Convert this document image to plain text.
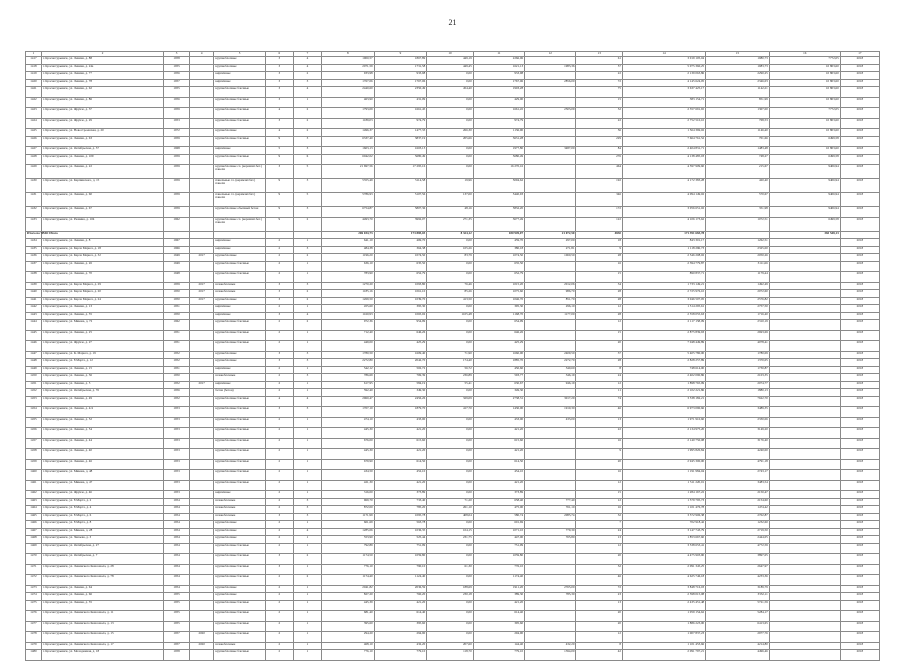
21
1	2	3	4	5	6	7	8	9	10	11	12	13	14	15	16	17
1417	г. Краснотурьинск, ул. Ленина, д. 88	1958		крупноблочные	3	4	1900,57	1867,89	449,19	2266,06		61	3 019 105,04	1980,73	7772,05	2018
1418	г. Краснотурьинск, ул. Ленина, д. 24а	1955		крупноблочные	3	4	2071,59	1731,58	449,45	1621,13	1983,36	57	5 075 360,25	1983,73	10 803,60	2018
1419	г. Краснотурьинск, ул. Ленина, д. 77	1956		кирпичные	3	2	933,98	933,98	0,00	933,98		22	2 139 063,86	2290,25	10 803,60	2018
1420	г. Краснотурьинск, ул. Ленина, д. 78	1957		кирпичные	3	3	1767,06	1767,06	0,00	1767,06	2856,00	72	4 145 624,05	2346,03	10 803,60	2018
1421	г. Краснотурьинск, ул. Ленина, д. 62	1955		крупноблочные блочные	3	4	2440,60	2350,49	454,40	1903,28		75	3 637 425,17	1142,21	10 803,60	2018
1422	г. Краснотурьинск, ул. Ленина, д. 86	1956		крупноблочные блочные	3	1	463,90	431,09	0,00	429,00		15	383 154,71	851,99	10 803,60	2018
1423	г. Краснотурьинск, ул. Фрунзе, д. 37	1959		крупноблочные блочные	4	2	1793,09	1661,45	0,00	1661,45	2503,09	52	2 357 691,65	1307,00	7772,05	2018
1424	г. Краснотурьинск, ул. Фрунзе, д. 29	1953		крупноблочные блочные	3	2	1189,03	974,79	0,00	974,79		22	2 752 510,10	768,53	10 803,60	2018
1425	г. Краснотурьинск, ул. Новостроевская, д. 20	1972		крупноблочные	4	2	1496,37	1477,33	266,30	1136,90		56	1 564 369,02	1146,40	10 803,60	2018
1426	г. Краснотурьинск, ул. Ленина, д. 63	1959		крупноблочные блочные	9	3	6337,40	3837,19	205,66	3631,28		229	7 664 761,52	701,66	6499,58	2018
1427	г. Краснотурьинск, ул. Октябрьская, д. 37	1968		кирпичные	5	3	1603,13	1603,13	0,00	1977,80	3487,00	84	2 404 831,71	1483,48	10 803,60	2018
1428	г. Краснотурьинск, ул. Ленина, д. 109	1959		крупноблочные блочные	9	6	6042,02	5680,49	0,00	5680,49		276	4 138 485,03	748,27	6499,58	2018
1429	г. Краснотурьинск, ул. Ленина, д. 22	1959		крупноблочные сл. (керамзит.бет.) панели	3	5	21 697,56	17 295,16	0,00	16 270,16		464	4 597 909,60	215,67	9406,94	2018
1430	г. Краснотурьинск, ул. Карпинского, д. 15	1959		панельные сл. (керамзит.бет.) панели	9	3	5355,49	5114,58	19,96	5094,62		192	4 172 383,28	420,40	9406,94	2018
1431	г. Краснотурьинск, ул. Ленина, д. 60	1959		панельные сл. (керамзит.бет.) панели	9	5	5786,93	5107,56	137,00	5440,93		346	4 094 149,02	570,67	9406,94	2018
1432	г. Краснотурьинск, ул. Ленина, д. 67	1959		крупноблочные обычный бетон	9	3	6754,87	5807,36	48,16	5832,20		172	3 056 651,02	351,98	9406,94	2018
1433	г. Краснотурьинск, ул. Рюмина, д. 104	1962		крупноблочные сл. (керамзит.бет.) панели	9	2	4493,70	3992,07	271,35	3677,49		122	4 106 173,62	1072,51	6499,58	2018
Итого по ЧМО Итого							206 034,73	173 885,03	8 324,12	180 949,07	21 072,50	4830	171 391 683,78		365 548,13	
1434	г. Краснотурьинск, ул. Ленина, д. 8	1967		кирпичные	2	1	641,10	469,70	0,00	459,70	297,00	18	843 301,17	1262,51		2018
1435	г. Краснотурьинск, ул. Карла Маркса, д. 18	1966		кирпичные	2	3	484,38	364,38	105,26	380,18	271,81	9	1 118 296,73	2325,00		2018
1436	г. Краснотурьинск, ул. Карла Маркса, д. 32	1949	2017	крупноблочные	2	2	1196,20	1074,50	83,79	1074,50	1060,50	28	2 546 208,02	2050,26		2018
1437	г. Краснотурьинск, ул. Ленина, д. 26	1949		крупноблочные блочные	2	1	636,10	635,50	0,00	635,50		16	2 394 779,87	3111,66		2018
1438	г. Краснотурьинск, ул. Ленина, д. 70	1948		крупноблочные блочные	2	1	783,90	652,79	0,00	652,79		15	890 837,71	1179,44		2018
1439	г. Краснотурьинск, ул. Карла Маркса, д. 29	1959	2017	шлакоблочные	3	3	1270,20	1093,80	76,46	1015,20	2012,06	34	1 733 149,21	1492,49		2018
1440	г. Краснотурьинск, ул. Карла Маркса, д. 20	1950	2017	шлакоблочные	3	2	1185,16	1061,10	85,26	1075,60	986,70	28	2 725 976,10	2072,60		2018
1441	г. Краснотурьинск, ул. Карла Маркса, д. 24	1950	2017	крупноблочные	3	2	1269,50	1039,70	413,50	1046,70	851,70	28	3 046 507,05	2576,82		2018
1442	г. Краснотурьинск, ул. Ленина, д. 13	1951		кирпичные	2	1	455,60	395,30	0,00	395,30	296,10	12	1 514 295,61	2757,50		2018
1443	г. Краснотурьинск, ул. Ленина, д. 35	1950		кирпичные	3	4	1160,93	1065,02	1105,48	1168,70	1177,00	28	2 558 055,63	1716,40		2018
1444	г. Краснотурьинск, ул. Микова, д. 72	1962		крупноблочные блочные	2	2	972,36	954,99	0,00	654,99		12	2 117 158,09	2310,19		2018
1445	г. Краснотурьинск, ул. Ленина, д. 25	1951		крупноблочные блочные	2	1	712,40	646,26	0,00	646,26		15	2 875 839,93	2693,69		2018
1446	г. Краснотурьинск, ул. Фрунзе, д. 27	1951		крупноблочные блочные	2	1	449,00	425,29	0,00	425,29		20	7 048 449,89	4078,41		2018
1447	г. Краснотурьинск, ул. К. Маркса, д. 19	1952		крупноблочные	3	3	1780,50	1609,40	71,90	1660,00	2409,50	37	5 405 780,00	1780,09		2018
1448	г. Краснотурьинск, ул. 8 Марта, д. 12	1952		крупноблочные	3	3	2272,80	2042,70	174,40	1885,70	2272,70	28	2 828 257,89	1370,05		2018
1449	г. Краснотурьинск, ул. Ленина, д. 15	1951		кирпичные	2	1	542,12	502,72	56,72	450,60	340,60	8	748 614,00	1730,87		2018
1450	г. Краснотурьинск, ул. Ленина, д. 36	1950		шлакоблочные	2	3	786,69	769,39	236,89	593,77	346,19	24	2 402 090,86	2103,35		2018
1451	г. Краснотурьинск, ул. Ленина, д. 5	1952	2017	кирпичные	2	1	617,95	584,19	55,41	630,67	946,19	12	1 898 765,99	2074,77		2018
1452	г. Краснотурьинск, ул. Октябрьская, д. 76	1956		бетон (бетон)	2	1	592,40	349,30	0,00	349,30		11	2 102 221,86	1880,13		2018
1453	г. Краснотурьинск, ул. Ленина, д. 49	1952		крупноблочные блочные	4	4	2960,47	2456,26	329,09	2738,31	3017,29	74	3 538 182,21	7622,70		2018
1454	г. Краснотурьинск, ул. Ленина, д. 4/4	1953		крупноблочные блочные	3	3	1707,10	1879,70	417,70	1430,00	1910,30	46	6 973 090,66	3489,35		2018
1455	г. Краснотурьинск, ул. Ленина, д. 52	1953		крупноблочные блочные	2	1	474,10	433,00	0,00	433,00	433,00	13	1 971 910,60	2330,06		2018
1456	г. Краснотурьинск, ул. Ленина, д. 54	1953		крупноблочные блочные	2	1	445,30	421,20	0,00	421,20		22	2 134 975,20	3149,20		2018
1457	г. Краснотурьинск, ул. Ленина, д. 44	1953		крупноблочные блочные	2	1	676,00	615,60	0,00	615,60		16	2 140 750,08	3176,40		2018
1458	г. Краснотурьинск, ул. Ленина, д. 40	1953		крупноблочные блочные	2	1	445,30	421,20	0,00	421,20		9	1 995 820,84	4240,00		2018
1459	г. Краснотурьинск, ул. Ленина, д. 46	1953		крупноблочные блочные	2	1	679,90	614,50	0,00	614,50		20	2 945 300,00	4791,18		2018
1460	г. Краснотурьинск, ул. Микова, д. 48	1953		крупноблочные блочные	2	1	434,50	452,10	0,00	454,10		16	1 191 984,04	2743,17		2018
1461	г. Краснотурьинск, ул. Микова, д. 47	1953		крупноблочные блочные	2	1	421,30	421,20	0,00	421,20		12	1 511 220,01	3483,54		2018
1462	г. Краснотурьинск, ул. Фрунзе, д. 46	1953		кирпичные	2	1	316,00	373,89	0,00	373,89		15	1 284 167,22	2150,47		2018
1463	г. Краснотурьинск, ул. 8 Марта, д. 2	1954		шлакоблочные	2	3	969,70	733,40	71,20	658,40	777,40	12	1 579 795,73	2154,60		2018
1464	г. Краснотурьинск, ул. 8 Марта, д. 4	1954		шлакоблочные	2	3	872,00	785,20	261,10	475,00	761,10	16	1 101 476,78	1474,42		2018
1465	г. Краснотурьинск, ул. 8 Марта, д. 6	1954		шлакоблочные	3	3	1171,99	1095,78	408,04	580,74	2085,74	32	3 572 906,38	2702,87		2018
1466	г. Краснотурьинск, ул. 8 Марта, д. 8	1954		крупноблочные	2	1	601,69	563,78	0,00	601,69		7	702 918,42	1232,60		2018
1467	г. Краснотурьинск, ул. Микова, д. 28	1954		крупноблочные	2	4	1285,06	1036,35	104,15	1071,10	779,30	24	3 147 743,79	2719,50		2018
1468	г. Краснотурьинск, ул. Чапаева, д. 3	1954		крупноблочные	2	1	553,90	525,44	231,75	447,00	765,80	13	1 853 667,60	2444,05		2018
1469	г. Краснотурьинск, ул. Октябрьская, д. 27	1954		крупноблочные блочные	2	1	792,89	751,99	0,00	751,99		12	3 538 653,41	4772,59		2018
1470	г. Краснотурьинск, ул. Октябрьская, д. 7	1954		крупноблочные блочные	3	2	1174,50	1059,80	0,00	1059,80		20	4 475 903,90	3897,05		2018
1471	г. Краснотурьинск, ул. Ленинского Комсомола, д. 28	1954		крупноблочные блочные	3	1	776,10	790,10	61,30	776,10		32	2 091 345,25	2647,97		2018
1472	г. Краснотурьинск, ул. Ленинского Комсомола, д. 78	1954		крупноблочные блочные	2	2	1174,40	1124,40	0,00	1174,40		46	4 625 746,18	4233,36		2018
1473	г. Краснотурьинск, ул. Ленина, д. 64	1954		крупноблочные	2	1	2041,82	2036,59	188,69	1911,20	2765,00	72	3 848 716,03	3189,79		2018
1474	г. Краснотурьинск, ул. Ленина, д. 66	1955		крупноблочные	2	1	827,20	760,20	230,18	389,30	785,30	23	2 598 015,08	3332,11		2018
1475	г. Краснотурьинск, ул. Ленина, д. 35	1955		крупноблочные блочные	2	1	445,39	421,20	0,00	421,20		13	2 435 451,48	5721,59		2018
1476	г. Краснотурьинск, ул. Ленинского Комсомола, д. 11	1955		крупноблочные блочные	2	1	681,40	614,40	0,00	614,40		20	1 059 154,62	5284,17		2018
1477	г. Краснотурьинск, ул. Ленинского Комсомола, д. 13	1955		крупноблочные блочные	2	1	395,60	395,60	0,00	395,60		20	1 886 223,00	6413,65		2018
1478	г. Краснотурьинск, ул. Ленинского Комсомола, д. 15	1957	2020	крупноблочные блочные	2	1	294,20	294,90	0,00	294,90		12	1 007 837,23	2977,76		2018
1479	г. Краснотурьинск, ул. Ленинского Комсомола, д. 17	1957	2020	шлакоблочные	2	1	468,10	432,20	207,60	144,40	432,20	8	1 101 453,66	4214,80		2018
1480	г. Краснотурьинск, ул. Молодежная, д. 18	1958		крупноблочные блочные	2	1	776,10	779,10	118,70	779,10	1394,00	42	2 091 797,21	4496,46		2018
